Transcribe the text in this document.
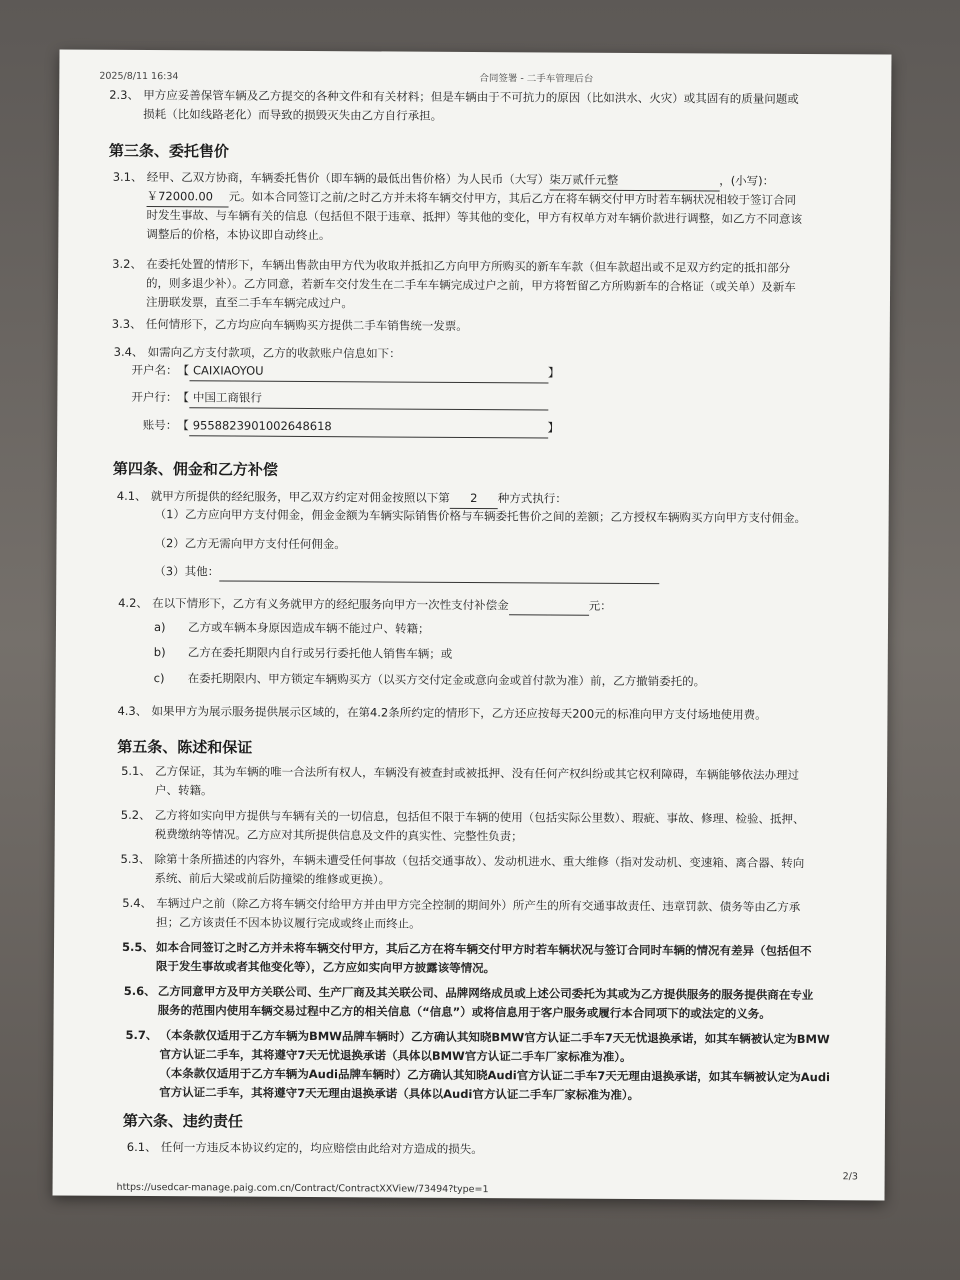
2025/8/11 16:34	合同签署 - 二手车管理后台
2.3、 甲方应妥善保管车辆及乙方提交的各种文件和有关材料；但是车辆由于不可抗力的原因（比如洪水、火灾）或其固有的质量问题或
损耗（比如线路老化）而导致的损毁灭失由乙方自行承担。
第三条、委托售价
3.1、 经甲、乙双方协商，车辆委托售价（即车辆的最低出售价格）为人民币（大写）柒万贰仟元整	，(小写)：
￥72000.00 元。如本合同签订之前/之时乙方并未将车辆交付甲方，其后乙方在将车辆交付甲方时若车辆状况相较于签订合同
时发生事故、与车辆有关的信息（包括但不限于违章、抵押）等其他的变化，甲方有权单方对车辆价款进行调整，如乙方不同意该
调整后的价格，本协议即自动终止。
3.2、 在委托处置的情形下，车辆出售款由甲方代为收取并抵扣乙方向甲方所购买的新车车款（但车款超出或不足双方约定的抵扣部分
的，则多退少补）。乙方同意，若新车交付发生在二手车车辆完成过户之前，甲方将暂留乙方所购新车的合格证（或关单）及新车
注册联发票，直至二手车车辆完成过户。
3.3、 任何情形下，乙方均应向车辆购买方提供二手车销售统一发票。
3.4、 如需向乙方支付款项，乙方的收款账户信息如下：
开户名：【 CAIXIAOYOU	】
开户行：【 中国工商银行
账号：【 9558823901002648618	】
第四条、佣金和乙方补偿
4.1、 就甲方所提供的经纪服务，甲乙双方约定对佣金按照以下第 2 种方式执行：
（1）乙方应向甲方支付佣金，佣金金额为车辆实际销售价格与车辆委托售价之间的差额；乙方授权车辆购买方向甲方支付佣金。
（2）乙方无需向甲方支付任何佣金。
（3）其他：
4.2、 在以下情形下，乙方有义务就甲方的经纪服务向甲方一次性支付补偿金	元：
a) 乙方或车辆本身原因造成车辆不能过户、转籍；
b) 乙方在委托期限内自行或另行委托他人销售车辆；或
c) 在委托期限内、甲方锁定车辆购买方（以买方交付定金或意向金或首付款为准）前，乙方撤销委托的。
4.3、 如果甲方为展示服务提供展示区域的，在第4.2条所约定的情形下，乙方还应按每天200元的标准向甲方支付场地使用费。
第五条、陈述和保证
5.1、 乙方保证，其为车辆的唯一合法所有权人，车辆没有被查封或被抵押、没有任何产权纠纷或其它权利障碍，车辆能够依法办理过
户、转籍。
5.2、 乙方将如实向甲方提供与车辆有关的一切信息，包括但不限于车辆的使用（包括实际公里数）、瑕疵、事故、修理、检验、抵押、
税费缴纳等情况。乙方应对其所提供信息及文件的真实性、完整性负责；
5.3、 除第十条所描述的内容外，车辆未遭受任何事故（包括交通事故）、发动机进水、重大维修（指对发动机、变速箱、离合器、转向
系统、前后大梁或前后防撞梁的维修或更换）。
5.4、 车辆过户之前（除乙方将车辆交付给甲方并由甲方完全控制的期间外）所产生的所有交通事故责任、违章罚款、债务等由乙方承
担；乙方该责任不因本协议履行完成或终止而终止。
5.5、 如本合同签订之时乙方并未将车辆交付甲方，其后乙方在将车辆交付甲方时若车辆状况与签订合同时车辆的情况有差异（包括但不
限于发生事故或者其他变化等），乙方应如实向甲方披露该等情况。
5.6、 乙方同意甲方及甲方关联公司、生产厂商及其关联公司、品牌网络成员或上述公司委托为其或为乙方提供服务的服务提供商在专业
服务的范围内使用车辆交易过程中乙方的相关信息（“信息”）或将信息用于客户服务或履行本合同项下的或法定的义务。
5.7、 （本条款仅适用于乙方车辆为BMW品牌车辆时）乙方确认其知晓BMW官方认证二手车7天无忧退换承诺，如其车辆被认定为BMW
官方认证二手车，其将遵守7天无忧退换承诺（具体以BMW官方认证二手车厂家标准为准）。
（本条款仅适用于乙方车辆为Audi品牌车辆时）乙方确认其知晓Audi官方认证二手车7天无理由退换承诺，如其车辆被认定为Audi
官方认证二手车，其将遵守7天无理由退换承诺（具体以Audi官方认证二手车厂家标准为准）。
第六条、违约责任
6.1、 任何一方违反本协议约定的，均应赔偿由此给对方造成的损失。
2/3
https://usedcar-manage.paig.com.cn/Contract/ContractXXView/73494?type=1
